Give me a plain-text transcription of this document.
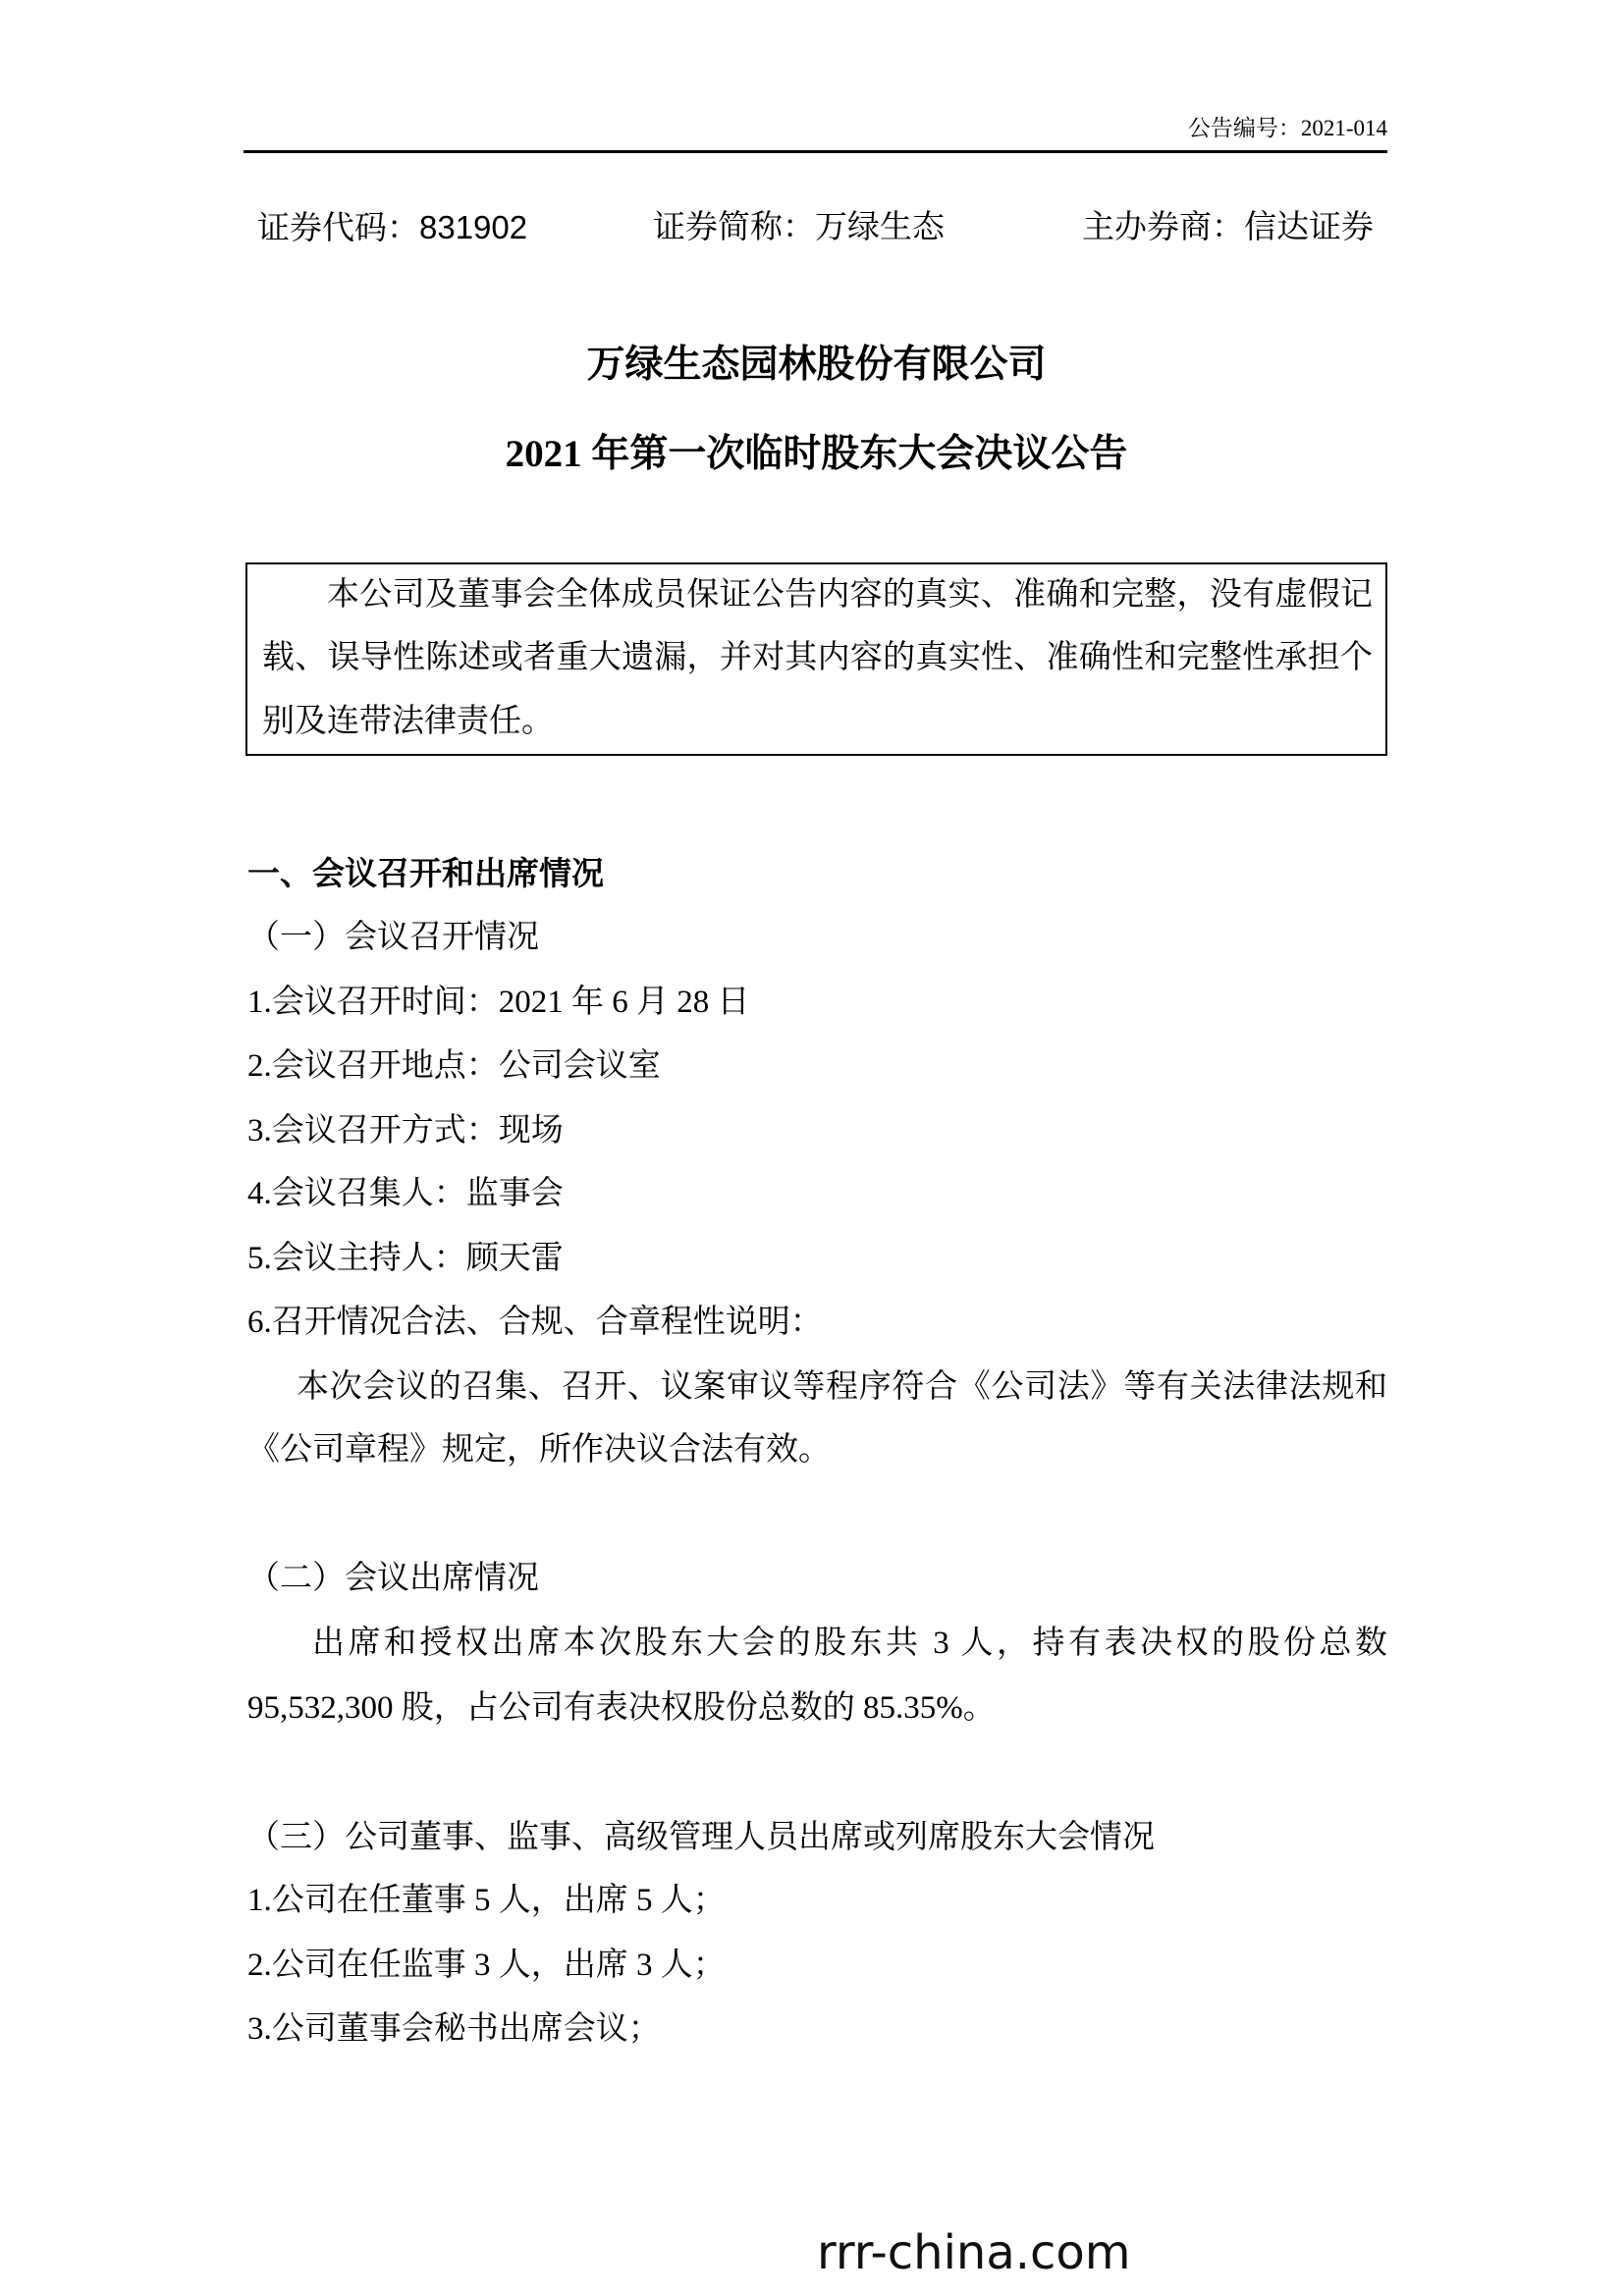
公告编号：2021-014
证券代码：831902	证券简称：万绿生态	主办券商：信达证券
万绿生态园林股份有限公司
2021 年第一次临时股东大会决议公告
本公司及董事会全体成员保证公告内容的真实、准确和完整，没有虚假记
载、误导性陈述或者重大遗漏，并对其内容的真实性、准确性和完整性承担个
别及连带法律责任。
一、会议召开和出席情况
（一）会议召开情况
1.会议召开时间：2021 年 6 月 28 日
2.会议召开地点：公司会议室
3.会议召开方式：现场
4.会议召集人：监事会
5.会议主持人：顾天雷
6.召开情况合法、合规、合章程性说明：
本次会议的召集、召开、议案审议等程序符合《公司法》等有关法律法规和
《公司章程》规定，所作决议合法有效。
（二）会议出席情况
出席和授权出席本次股东大会的股东共 3 人，持有表决权的股份总数
95,532,300 股，占公司有表决权股份总数的 85.35%。
（三）公司董事、监事、高级管理人员出席或列席股东大会情况
1.公司在任董事 5 人，出席 5 人；
2.公司在任监事 3 人，出席 3 人；
3.公司董事会秘书出席会议；
rrr-china.com
